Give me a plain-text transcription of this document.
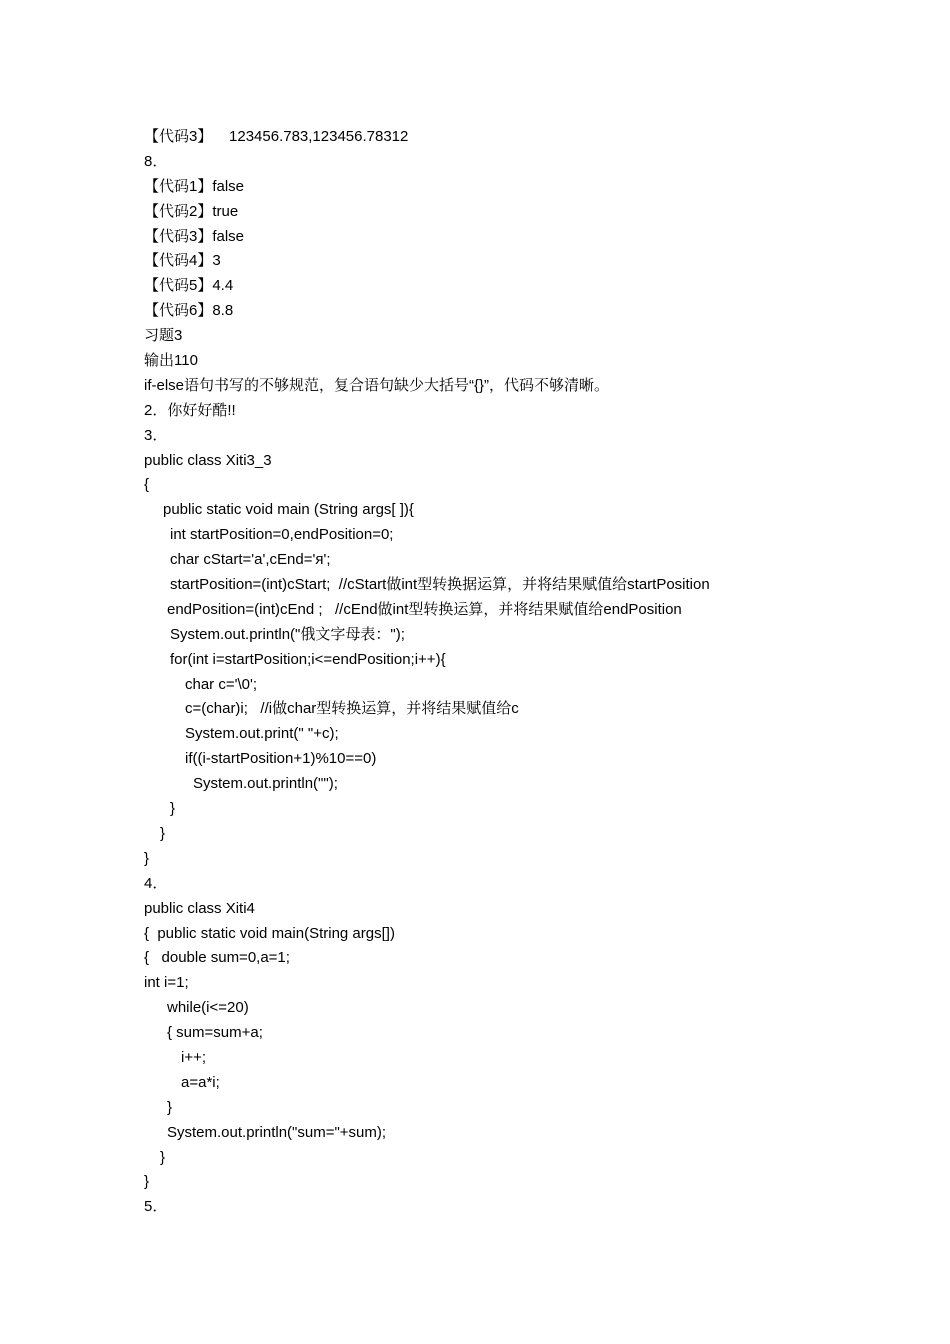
【代码3】    123456.783,123456.78312
8．
【代码1】false
【代码2】true
【代码3】false
【代码4】3
【代码5】4.4
【代码6】8.8
习题3
输出110
if-else语句书写的不够规范，复合语句缺少大括号“{}”，代码不够清晰。
2．你好好酷!!
3．
public class Xiti3_3
{
public static void main (String args[ ]){
int startPosition=0,endPosition=0;
char cStart='a',cEnd='я';
startPosition=(int)cStart;  //cStart做int型转换据运算，并将结果赋值给startPosition
endPosition=(int)cEnd ;   //cEnd做int型转换运算，并将结果赋值给endPosition
System.out.println("俄文字母表：");
for(int i=startPosition;i<=endPosition;i++){
char c='\0';
c=(char)i;   //i做char型转换运算，并将结果赋值给c
System.out.print(" "+c);
if((i-startPosition+1)%10==0)
System.out.println("");
}
}
}
4．
public class Xiti4
{  public static void main(String args[])
{   double sum=0,a=1;
int i=1;
while(i<=20)
{ sum=sum+a;
i++;
a=a*i;
}
System.out.println("sum="+sum);
}
}
5．
